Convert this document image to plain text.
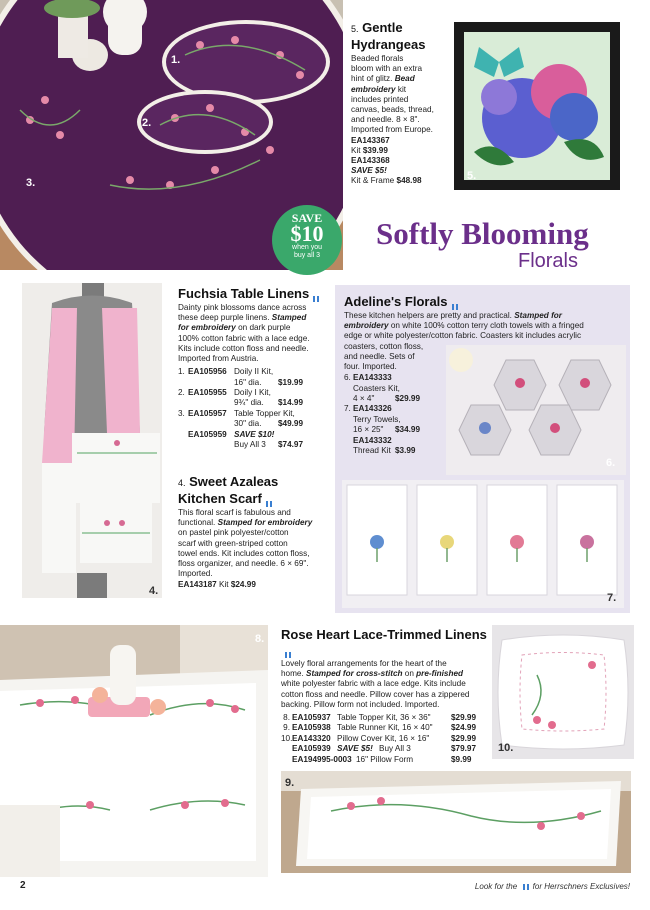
1.
2.
3.
SAVE
$10
when you
buy all 3
5. Gentle
Hydrangeas
Beaded florals
bloom with an extra
hint of glitz. Bead
embroidery kit
includes printed
canvas, beads, thread,
and needle. 8 × 8".
Imported from Europe.
EA143367
Kit $39.99
EA143368
SAVE $5!
Kit & Frame $48.98	5.
Softly Blooming
Florals
4.
Fuchsia Table Linens
Dainty pink blossoms dance across
these deep purple linens. Stamped
for embroidery on dark purple
100% cotton fabric with a lace edge.
Kits include cotton floss and needle.
Imported from Austria.
1. EA105956 Doily II Kit,
16" dia.	$19.99
2. EA105955 Doily I Kit,
9¾" dia.	$14.99
3. EA105957 Table Topper Kit,
30" dia.	$49.99
EA105959 SAVE $10!
Buy All 3	$74.97
4. Sweet Azaleas
Kitchen Scarf
This floral scarf is fabulous and
functional. Stamped for embroidery
on pastel pink polyester/cotton
scarf with green-striped cotton
towel ends. Kit includes cotton floss,
floss organizer, and needle. 6 × 69".
Imported.
EA143187
Kit
$24.99
Adeline's Florals
These kitchen helpers are pretty and practical. Stamped for
embroidery on white 100% cotton terry cloth towels with a fringed
edge or white polyester/cotton fabric. Coasters kit includes acrylic
coasters, cotton floss,
and needle. Sets of
four. Imported.
6. EA143333
Coasters Kit,
4 × 4"	$29.99
7. EA143326
Terry Towels,
16 × 25"	$34.99
EA143332
Thread Kit $3.99
6.
7.
8. Rose Heart Lace-Trimmed Linens
Lovely floral arrangements for the heart of the
home. Stamped for cross-stitch on pre-finished
white polyester fabric with a lace edge. Kits include
cotton floss and needle. Pillow cover has a zippered
backing. Pillow form not included. Imported.
8. EA105937 Table Topper Kit, 36 × 36"	$29.99
9. EA105938 Table Runner Kit, 16 × 40"	$24.99
10. EA143320 Pillow Cover Kit, 16 × 16"	$29.99
EA105939 SAVE $5! Buy All 3	$79.97
EA194995-0003 16" Pillow Form	$9.99
10.
9.
2	Look for the for Herrschners Exclusives!
